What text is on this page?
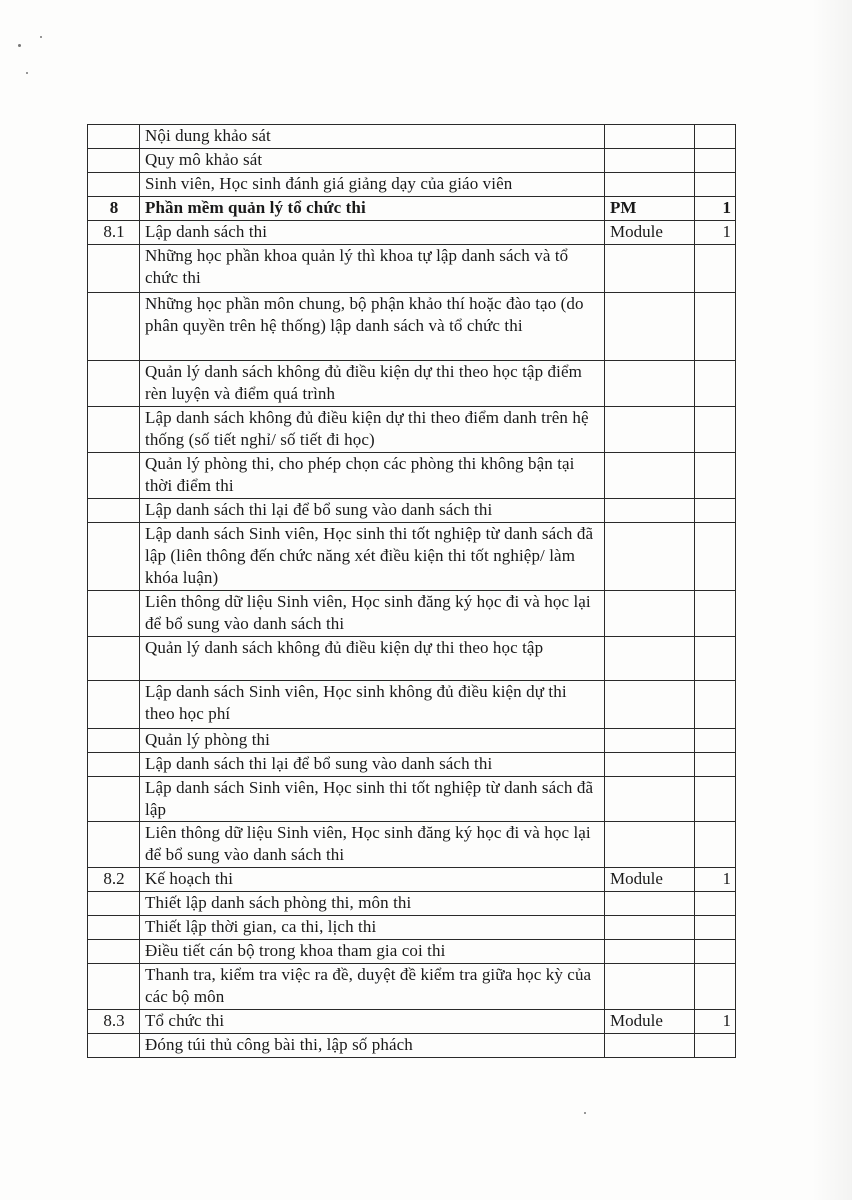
	Nội dung khảo sát		
	Quy mô khảo sát		
	Sinh viên, Học sinh đánh giá giảng dạy của giáo viên		
8	Phần mềm quản lý tổ chức thi	PM	1
8.1	Lập danh sách thi	Module	1
	Những học phần khoa quản lý thì khoa tự lập danh sách và tổ chức thi		
	Những học phần môn chung, bộ phận khảo thí hoặc đào tạo (do phân quyền trên hệ thống) lập danh sách và tổ chức thi		
	Quản lý danh sách không đủ điều kiện dự thi theo học tập điểm rèn luyện và điểm quá trình		
	Lập danh sách không đủ điều kiện dự thi theo điểm danh trên hệ thống (số tiết nghỉ/ số tiết đi học)		
	Quản lý phòng thi, cho phép chọn các phòng thi không bận tại thời điểm thi		
	Lập danh sách thi lại để bổ sung vào danh sách thi		
	Lập danh sách Sinh viên, Học sinh thi tốt nghiệp từ danh sách đã lập (liên thông đến chức năng xét điều kiện thi tốt nghiệp/ làm khóa luận)		
	Liên thông dữ liệu Sinh viên, Học sinh đăng ký học đi và học lại để bổ sung vào danh sách thi		
	Quản lý danh sách không đủ điều kiện dự thi theo học tập		
	Lập danh sách Sinh viên, Học sinh không đủ điều kiện dự thi theo học phí		
	Quản lý phòng thi		
	Lập danh sách thi lại để bổ sung vào danh sách thi		
	Lập danh sách Sinh viên, Học sinh thi tốt nghiệp từ danh sách đã lập		
	Liên thông dữ liệu Sinh viên, Học sinh đăng ký học đi và học lại để bổ sung vào danh sách thi		
8.2	Kế hoạch thi	Module	1
	Thiết lập danh sách phòng thi, môn thi		
	Thiết lập thời gian, ca thi, lịch thi		
	Điều tiết cán bộ trong khoa tham gia coi thi		
	Thanh tra, kiểm tra việc ra đề, duyệt đề kiểm tra giữa học kỳ của các bộ môn		
8.3	Tổ chức thi	Module	1
	Đóng túi thủ công bài thi, lập số phách		
